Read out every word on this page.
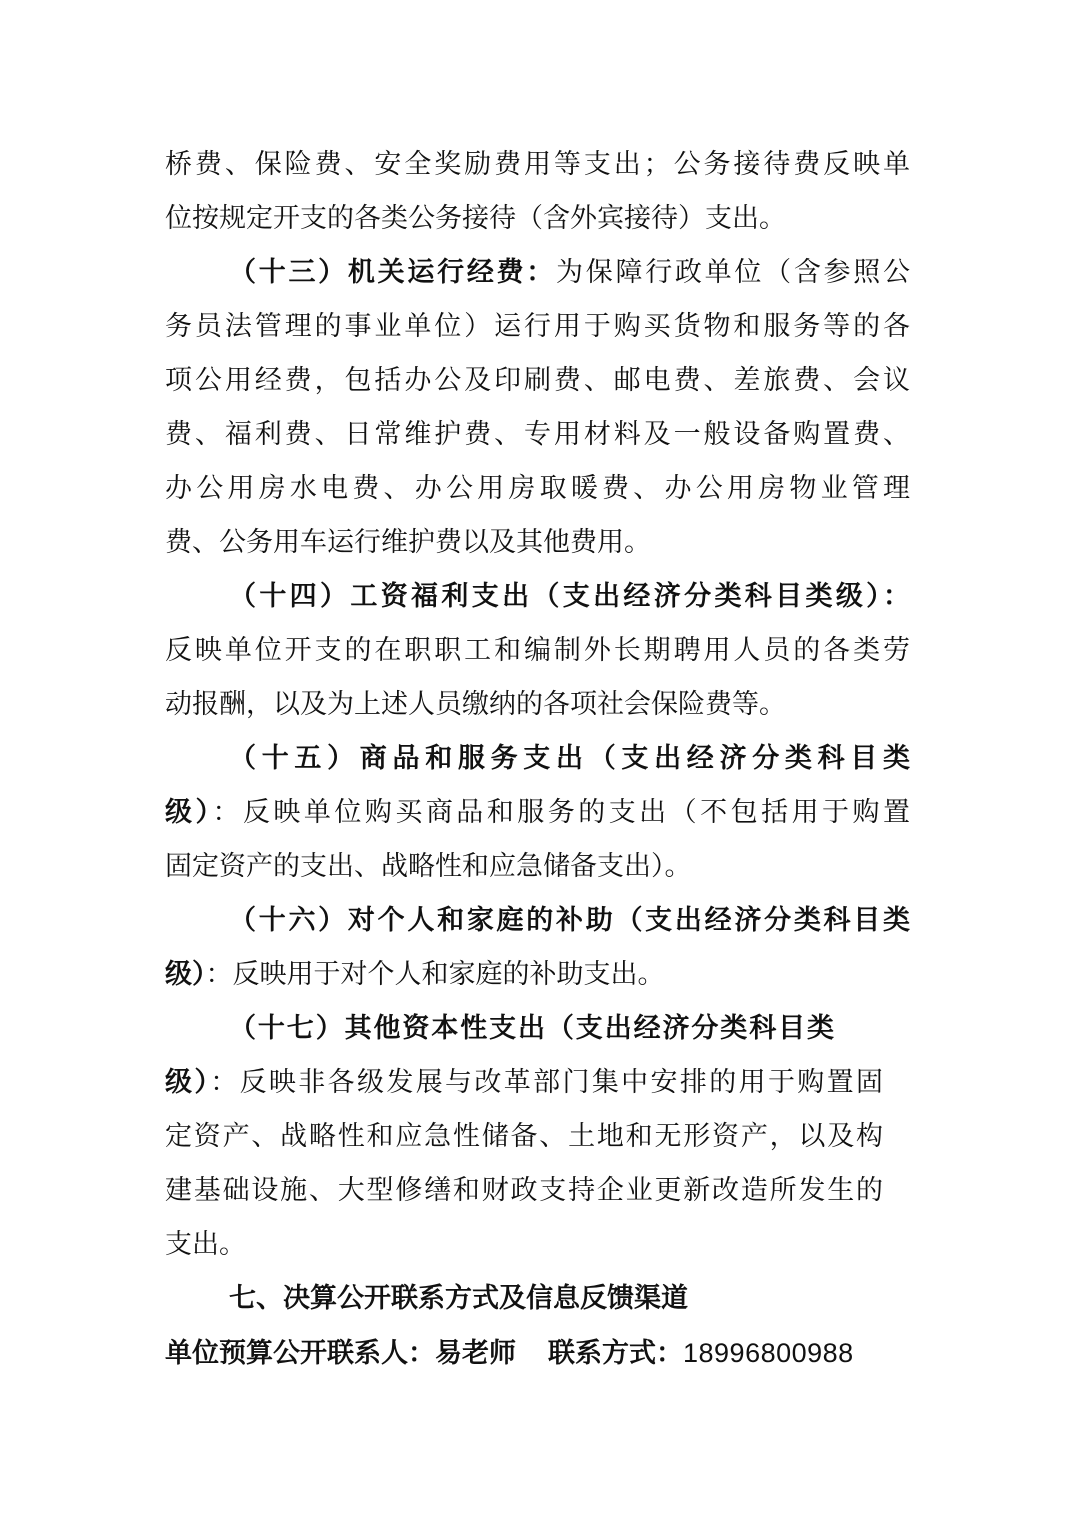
桥费、保险费、安全奖励费用等支出；公务接待费反映单
位按规定开支的各类公务接待（含外宾接待）支出。
（十三）机关运行经费：为保障行政单位（含参照公
务员法管理的事业单位）运行用于购买货物和服务等的各
项公用经费，包括办公及印刷费、邮电费、差旅费、会议
费、福利费、日常维护费、专用材料及一般设备购置费、
办公用房水电费、办公用房取暖费、办公用房物业管理
费、公务用车运行维护费以及其他费用。
（十四）工资福利支出（支出经济分类科目类级）：
反映单位开支的在职职工和编制外长期聘用人员的各类劳
动报酬，以及为上述人员缴纳的各项社会保险费等。
（十五）商品和服务支出（支出经济分类科目类
级）：反映单位购买商品和服务的支出（不包括用于购置
固定资产的支出、战略性和应急储备支出）。
（十六）对个人和家庭的补助（支出经济分类科目类
级）：反映用于对个人和家庭的补助支出。
（十七）其他资本性支出（支出经济分类科目类
级）：反映非各级发展与改革部门集中安排的用于购置固
定资产、战略性和应急性储备、土地和无形资产，以及构
建基础设施、大型修缮和财政支持企业更新改造所发生的
支出。
七、决算公开联系方式及信息反馈渠道
单位预算公开联系人：易老师 联系方式：18996800988
